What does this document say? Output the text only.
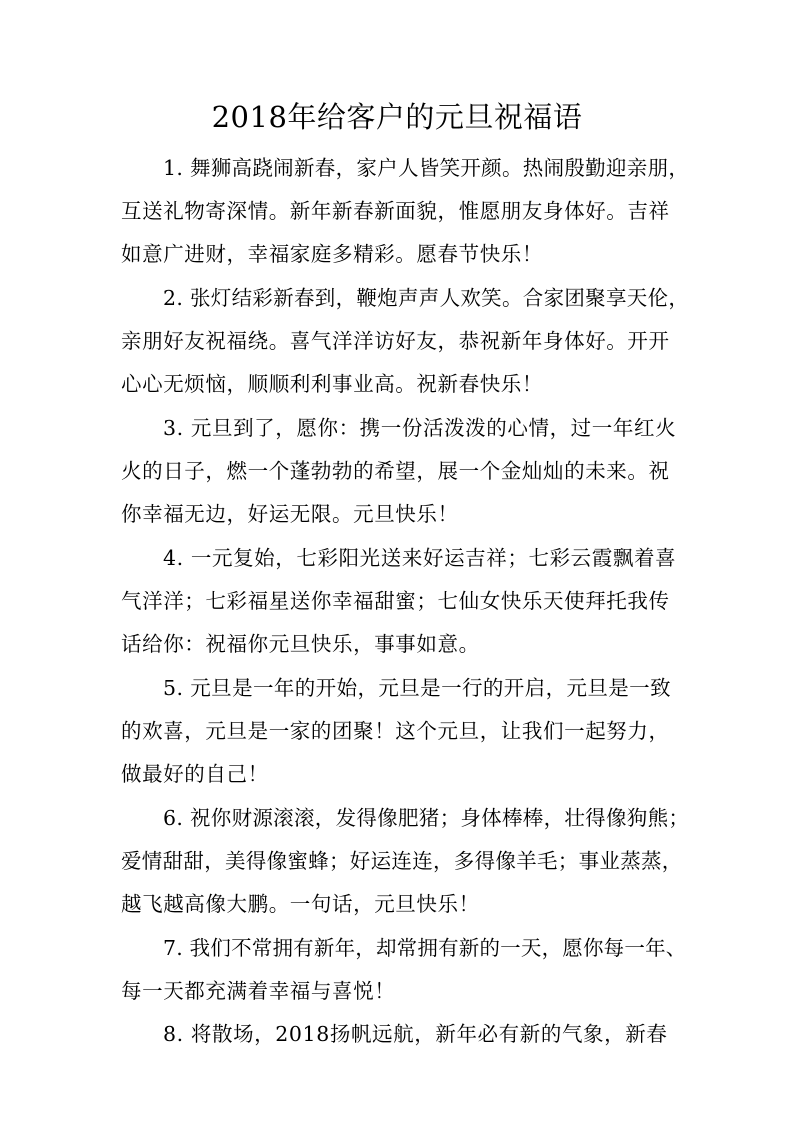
2018年给客户的元旦祝福语

1. 舞狮高跷闹新春，家户人皆笑开颜。热闹殷勤迎亲朋，

互送礼物寄深情。新年新春新面貌，惟愿朋友身体好。吉祥

如意广进财，幸福家庭多精彩。愿春节快乐！

2. 张灯结彩新春到，鞭炮声声人欢笑。合家团聚享天伦，

亲朋好友祝福绕。喜气洋洋访好友，恭祝新年身体好。开开

心心无烦恼，顺顺利利事业高。祝新春快乐！

3. 元旦到了，愿你：携一份活泼泼的心情，过一年红火

火的日子，燃一个蓬勃勃的希望，展一个金灿灿的未来。祝

你幸福无边，好运无限。元旦快乐！

4. 一元复始，七彩阳光送来好运吉祥；七彩云霞飘着喜

气洋洋；七彩福星送你幸福甜蜜；七仙女快乐天使拜托我传

话给你：祝福你元旦快乐，事事如意。

5. 元旦是一年的开始，元旦是一行的开启，元旦是一致

的欢喜，元旦是一家的团聚！这个元旦，让我们一起努力，

做最好的自己！

6. 祝你财源滚滚，发得像肥猪；身体棒棒，壮得像狗熊；

爱情甜甜，美得像蜜蜂；好运连连，多得像羊毛；事业蒸蒸，

越飞越高像大鹏。一句话，元旦快乐！

7. 我们不常拥有新年，却常拥有新的一天，愿你每一年、

每一天都充满着幸福与喜悦！

8. 将散场，2018扬帆远航，新年必有新的气象，新春
